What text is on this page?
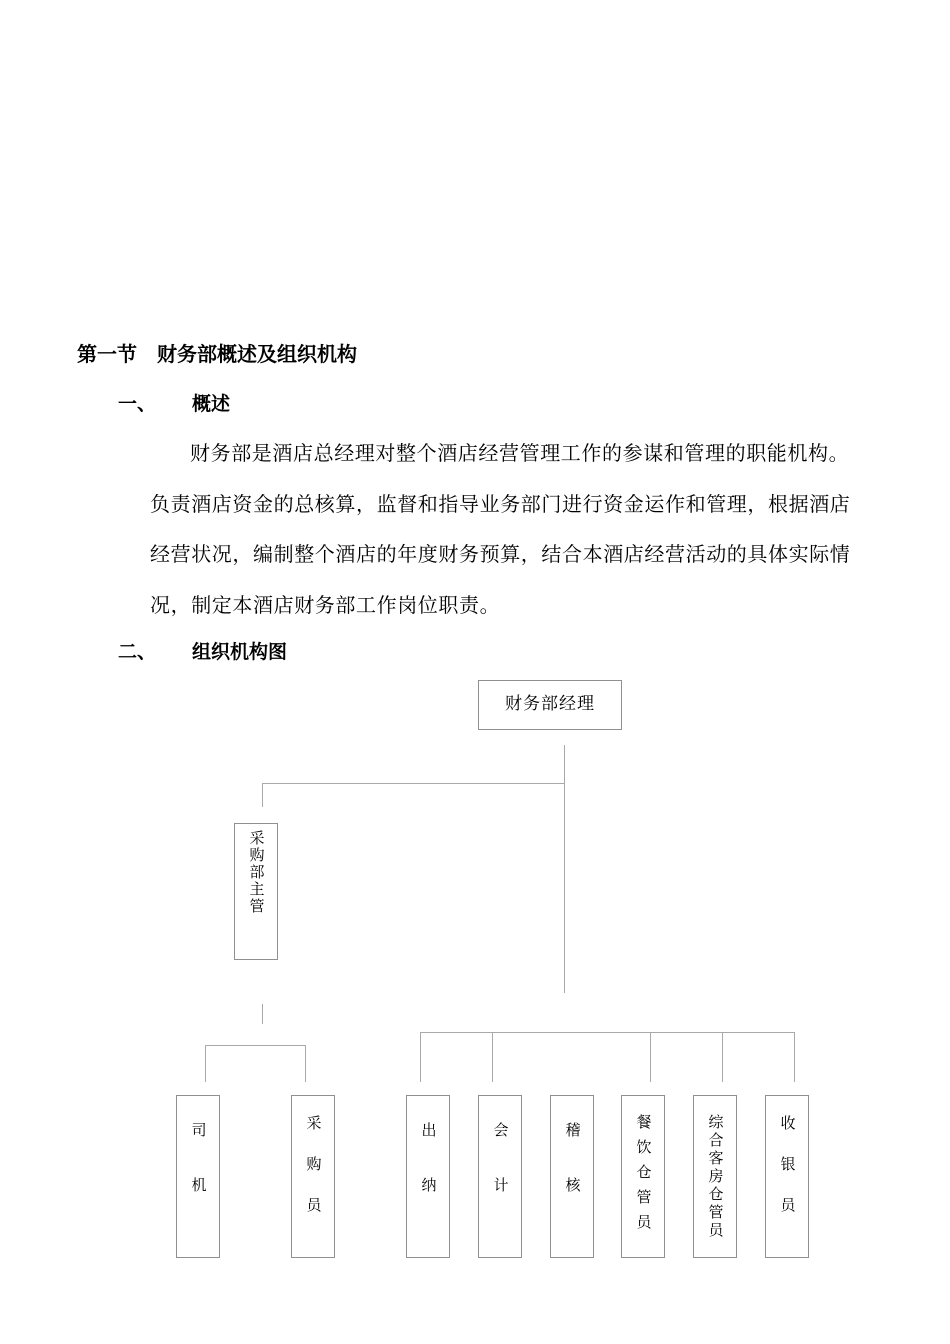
第一节 财务部概述及组织机构
一、 概述

财务部是酒店总经理对整个酒店经营管理工作的参谋和管理的职能机构。负责酒店资金的总核算，监督和指导业务部门进行资金运作和管理，根据酒店经营状况，编制整个酒店的年度财务预算，结合本酒店经营活动的具体实际情况，制定本酒店财务部工作岗位职责。

二、 组织机构图
财务部经理
采购部主管
司机	采购员	出纳	会计	稽核	餐饮仓管员	综合客房仓管员	收银员
